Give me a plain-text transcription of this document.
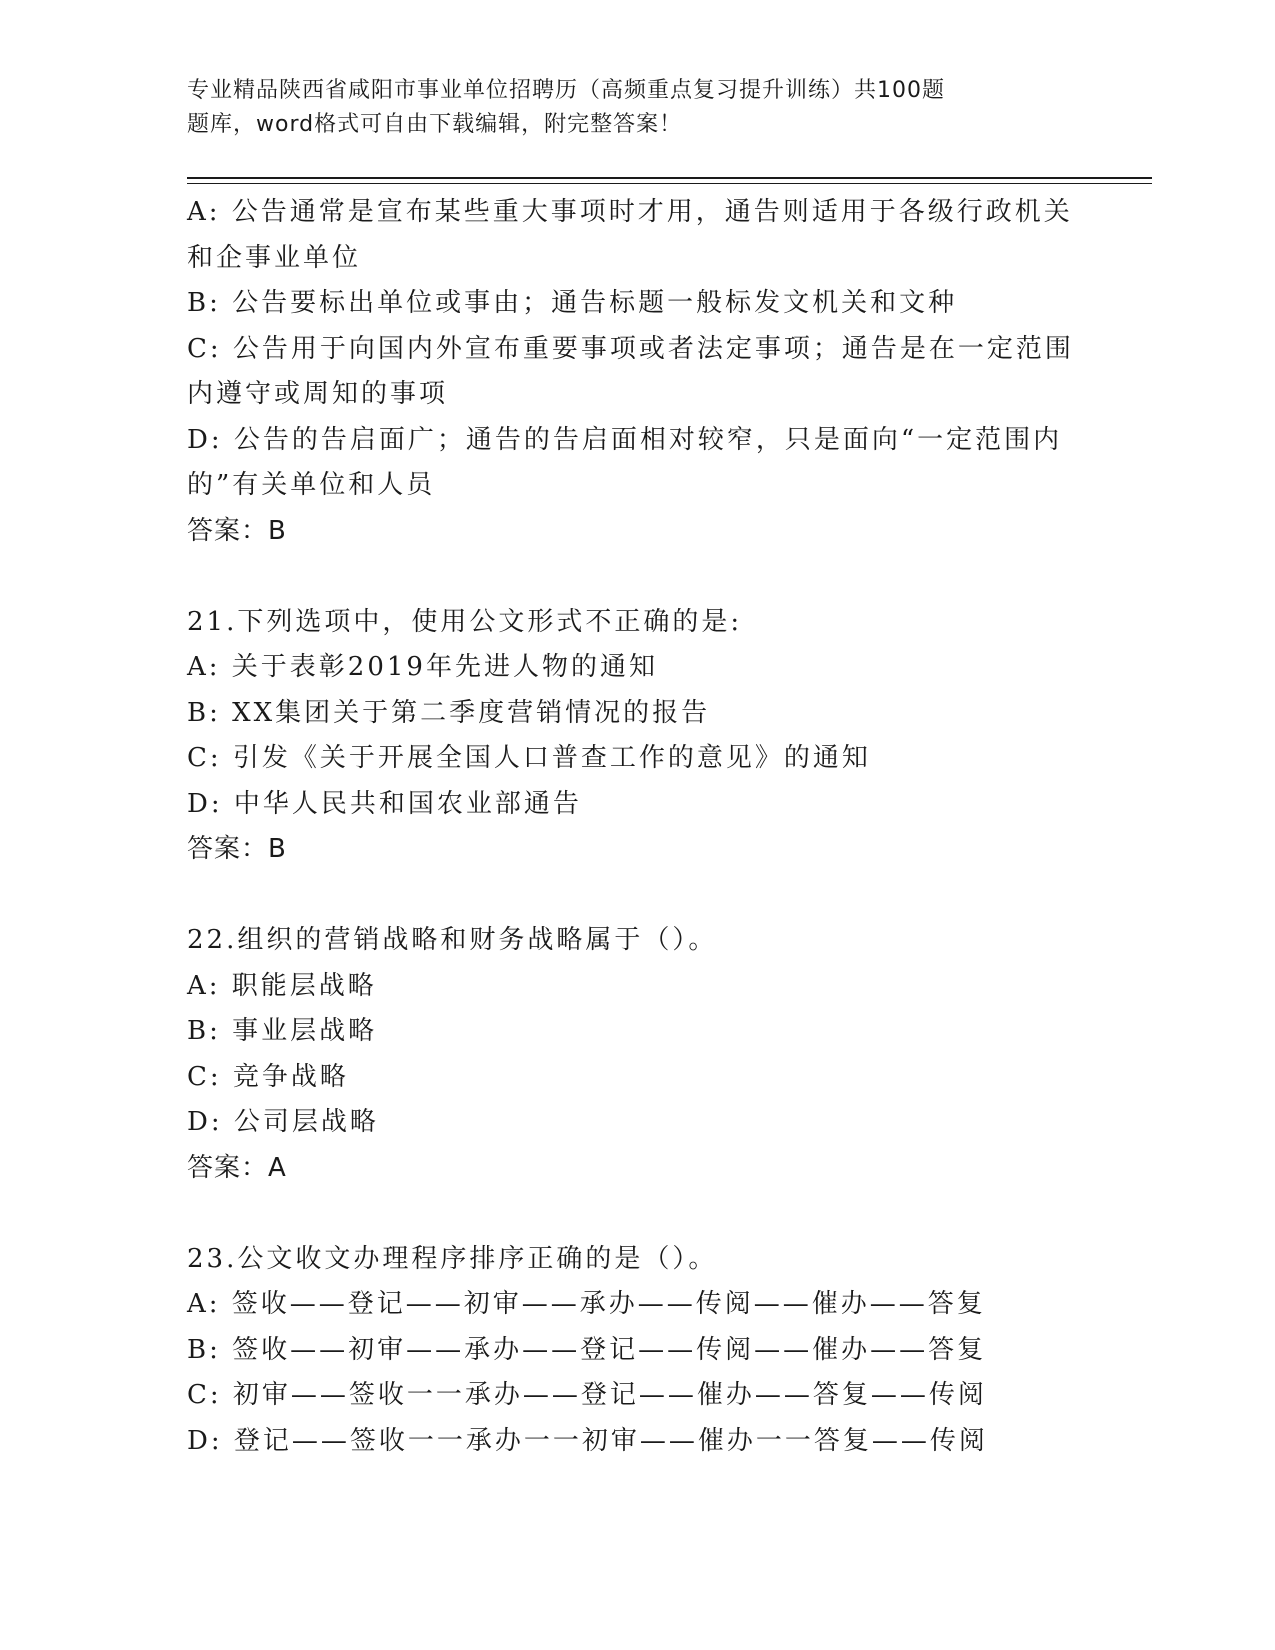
专业精品陕西省咸阳市事业单位招聘历（高频重点复习提升训练）共100题
题库，word格式可自由下载编辑，附完整答案！
A: 公告通常是宣布某些重大事项时才用，通告则适用于各级行政机关
和企事业单位
B: 公告要标出单位或事由；通告标题一般标发文机关和文种
C: 公告用于向国内外宣布重要事项或者法定事项；通告是在一定范围
内遵守或周知的事项
D: 公告的告启面广；通告的告启面相对较窄，只是面向“一定范围内
的”有关单位和人员
答案：B
21.下列选项中，使用公文形式不正确的是:
A: 关于表彰2019年先进人物的通知
B: XX集团关于第二季度营销情况的报告
C: 引发《关于开展全国人口普查工作的意见》的通知
D: 中华人民共和国农业部通告
答案：B
22.组织的营销战略和财务战略属于（）。
A: 职能层战略
B: 事业层战略
C: 竞争战略
D: 公司层战略
答案：A
23.公文收文办理程序排序正确的是（）。
A: 签收——登记——初审——承办——传阅——催办——答复
B: 签收——初审——承办——登记——传阅——催办——答复
C: 初审——签收一一承办——登记——催办——答复——传阅
D: 登记——签收一一承办一一初审——催办一一答复——传阅
